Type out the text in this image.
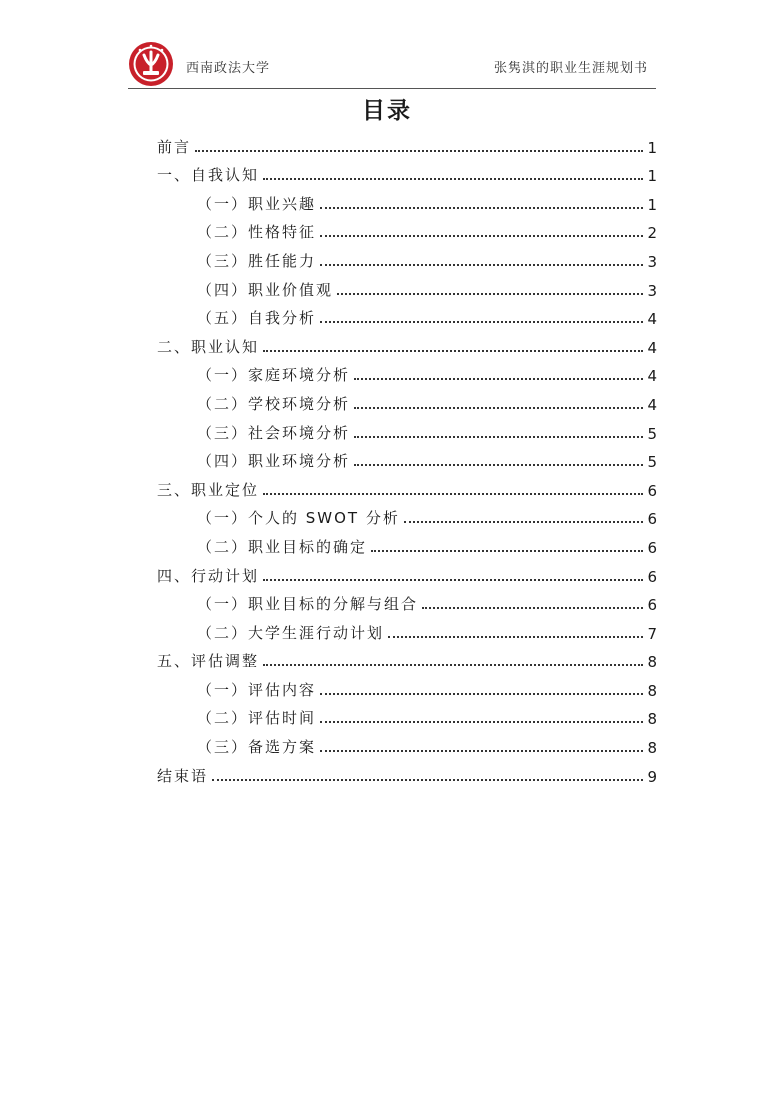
西南政法大学	张隽淇的职业生涯规划书
目录
前言	1
一、自我认知	1
（一）职业兴趣	1
（二）性格特征	2
（三）胜任能力	3
（四）职业价值观	3
（五）自我分析	4
二、职业认知	4
（一）家庭环境分析	4
（二）学校环境分析	4
（三）社会环境分析	5
（四）职业环境分析	5
三、职业定位	6
（一）个人的 SWOT 分析	6
（二）职业目标的确定	6
四、行动计划	6
（一）职业目标的分解与组合	6
（二）大学生涯行动计划	7
五、评估调整	8
（一）评估内容	8
（二）评估时间	8
（三）备选方案	8
结束语	9
